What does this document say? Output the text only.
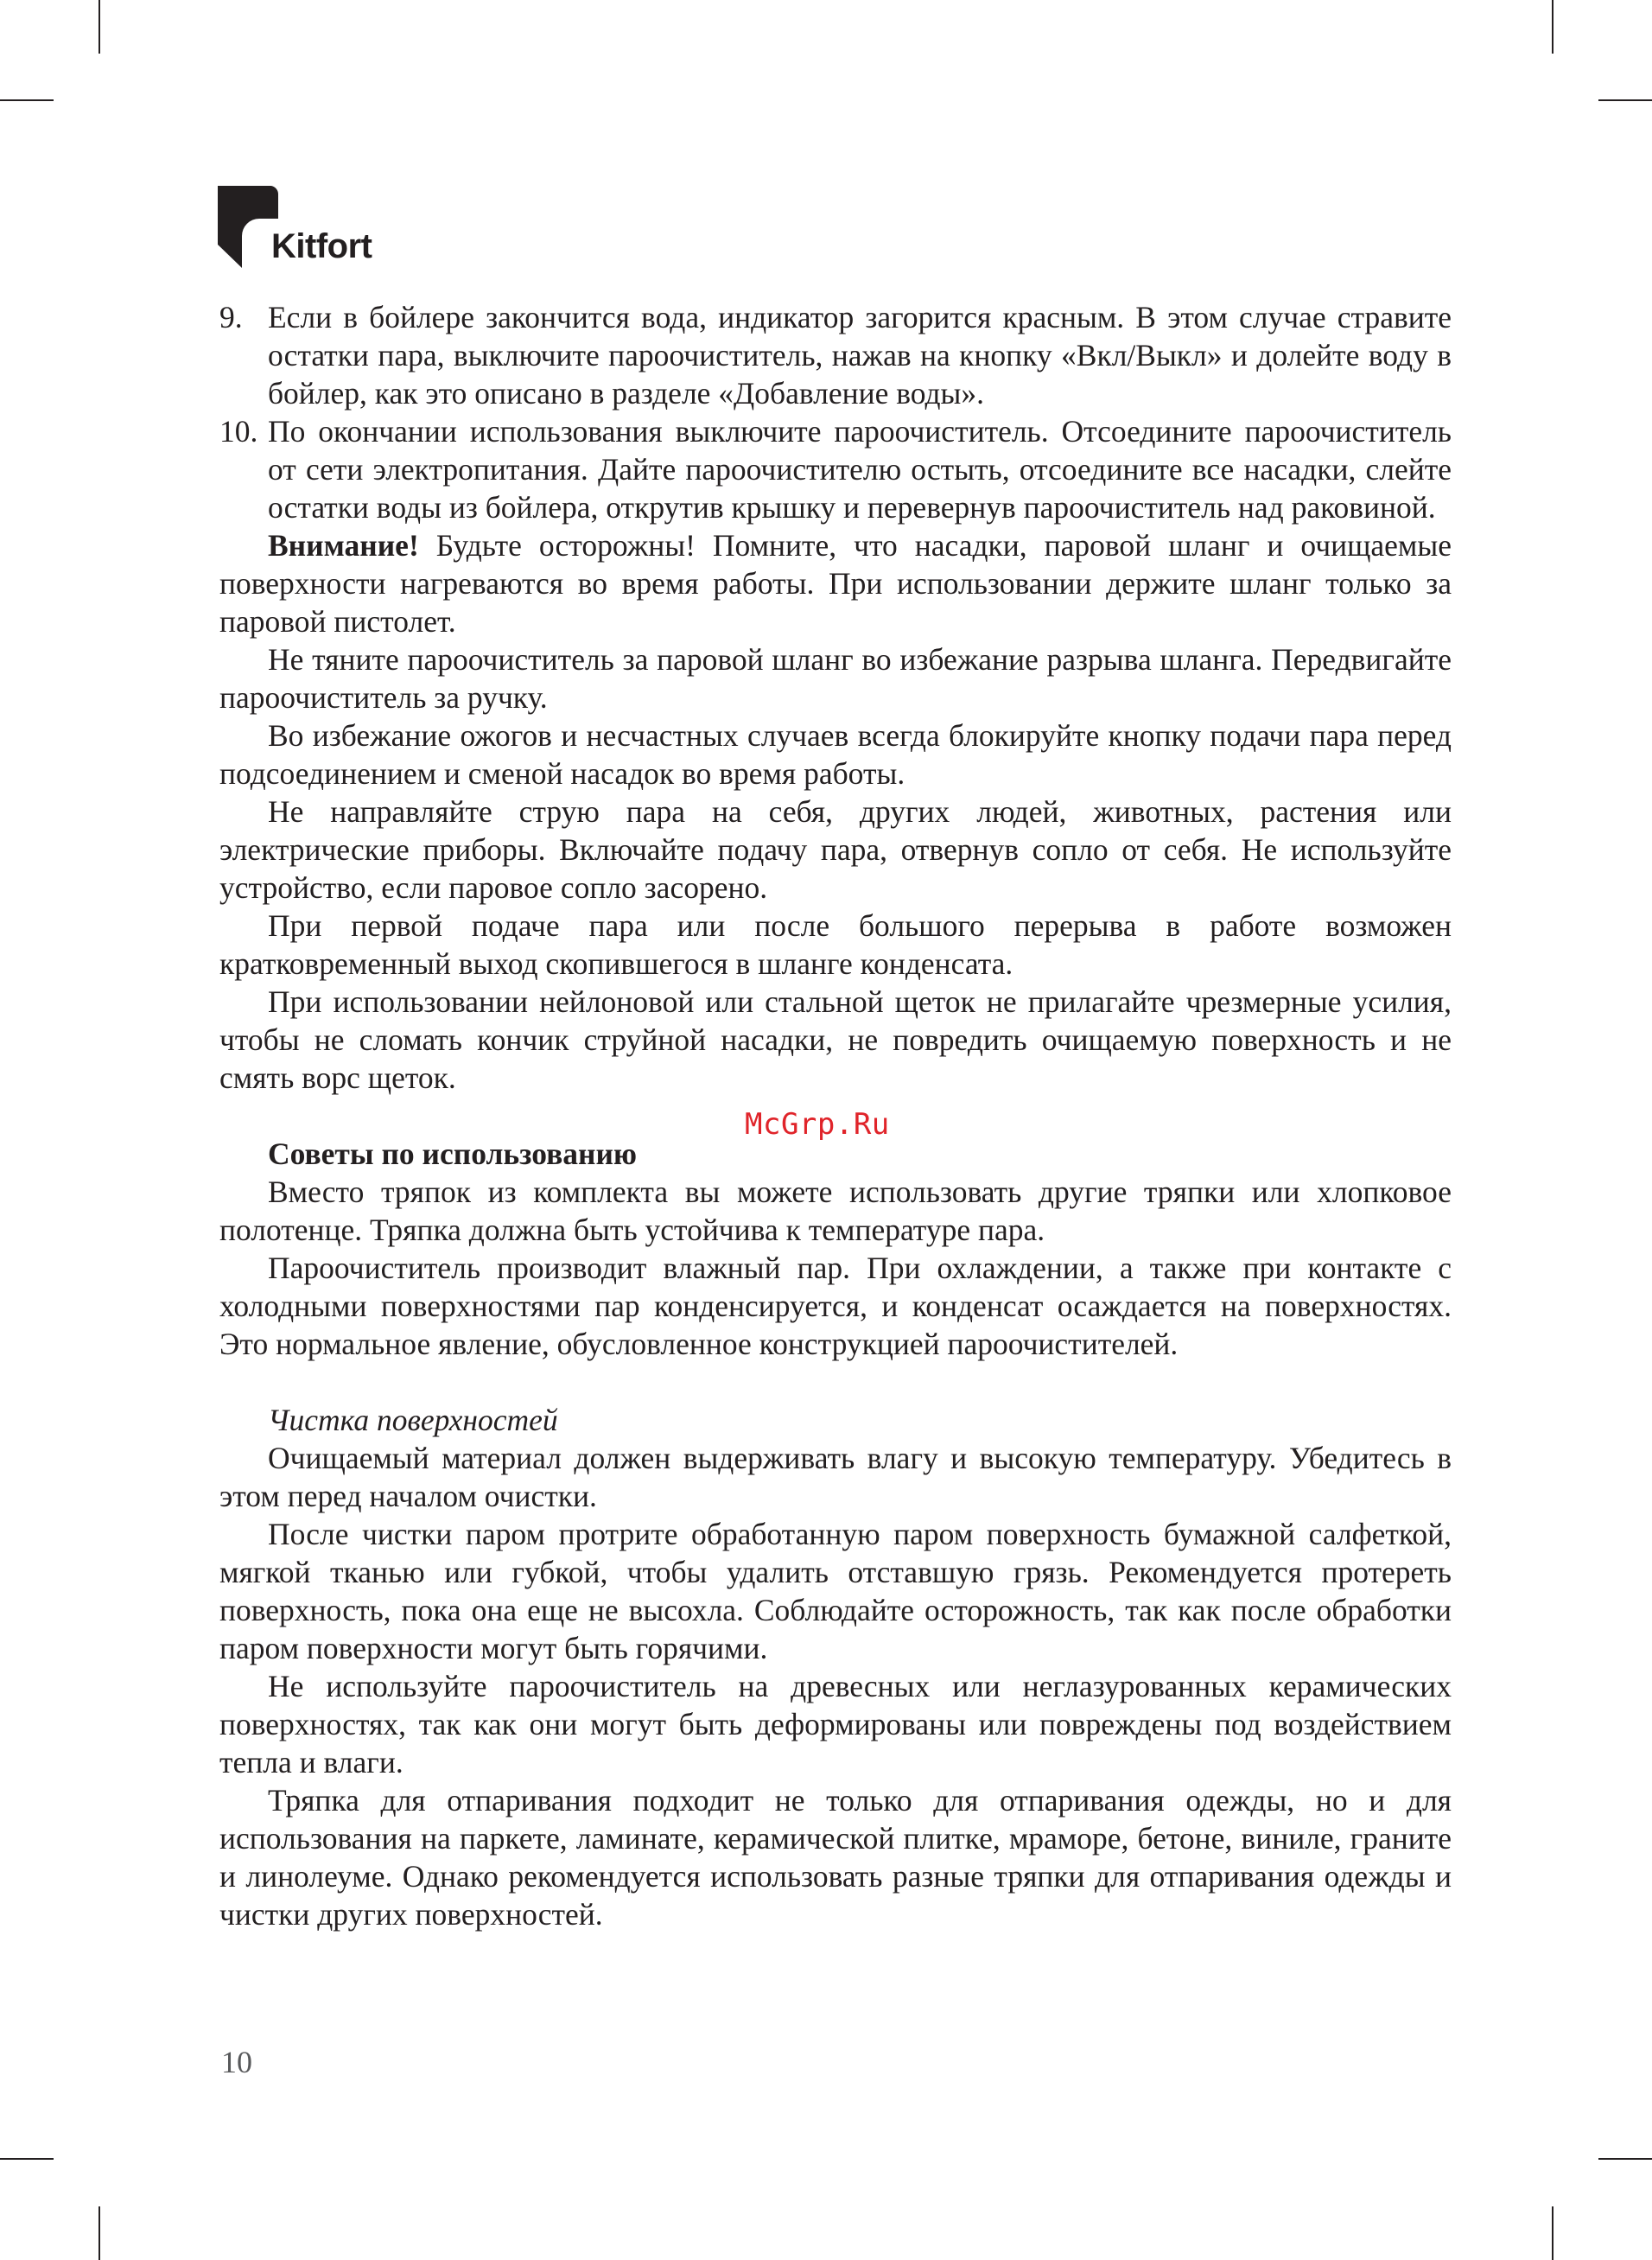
Kitfort

9. Если в бойлере закончится вода, индикатор загорится красным. В этом случае стравите остатки пара, выключите пароочиститель, нажав на кнопку «Вкл/Выкл» и долейте воду в бойлер, как это описано в разделе «Добавление воды».

10. По окончании использования выключите пароочиститель. Отсоедините пароочиститель от сети электропитания. Дайте пароочистителю остыть, отсоедините все насадки, слейте остатки воды из бойлера, открутив крышку и перевернув пароочиститель над раковиной.

Внимание! Будьте осторожны! Помните, что насадки, паровой шланг и очищаемые поверхности нагреваются во время работы. При использовании держите шланг только за паровой пистолет.

Не тяните пароочиститель за паровой шланг во избежание разрыва шланга. Передвигайте пароочиститель за ручку.

Во избежание ожогов и несчастных случаев всегда блокируйте кнопку подачи пара перед подсоединением и сменой насадок во время работы.

Не направляйте струю пара на себя, других людей, животных, растения или электрические приборы. Включайте подачу пара, отвернув сопло от себя. Не используйте устройство, если паровое сопло засорено.

При первой подаче пара или после большого перерыва в работе возможен кратковременный выход скопившегося в шланге конденсата.

При использовании нейлоновой или стальной щеток не прилагайте чрезмерные усилия, чтобы не сломать кончик струйной насадки, не повредить очищаемую поверхность и не смять ворс щеток.

Советы по использованию

Вместо тряпок из комплекта вы можете использовать другие тряпки или хлопковое полотенце. Тряпка должна быть устойчива к температуре пара.

Пароочиститель производит влажный пар. При охлаждении, а также при контакте с холодными поверхностями пар конденсируется, и конденсат осаждается на поверхностях. Это нормальное явление, обусловленное конструкцией пароочистителей.

Чистка поверхностей

Очищаемый материал должен выдерживать влагу и высокую температуру. Убедитесь в этом перед началом очистки.

После чистки паром протрите обработанную паром поверхность бумажной салфеткой, мягкой тканью или губкой, чтобы удалить отставшую грязь. Рекомендуется протереть поверхность, пока она еще не высохла. Соблюдайте осторожность, так как после обработки паром поверхности могут быть горячими.

Не используйте пароочиститель на древесных или неглазурованных керамических поверхностях, так как они могут быть деформированы или повреждены под воздействием тепла и влаги.

Тряпка для отпаривания подходит не только для отпаривания одежды, но и для использования на паркете, ламинате, керамической плитке, мраморе, бетоне, виниле, граните и линолеуме. Однако рекомендуется использовать разные тряпки для отпаривания одежды и чистки других поверхностей.

McGrp.Ru
10
